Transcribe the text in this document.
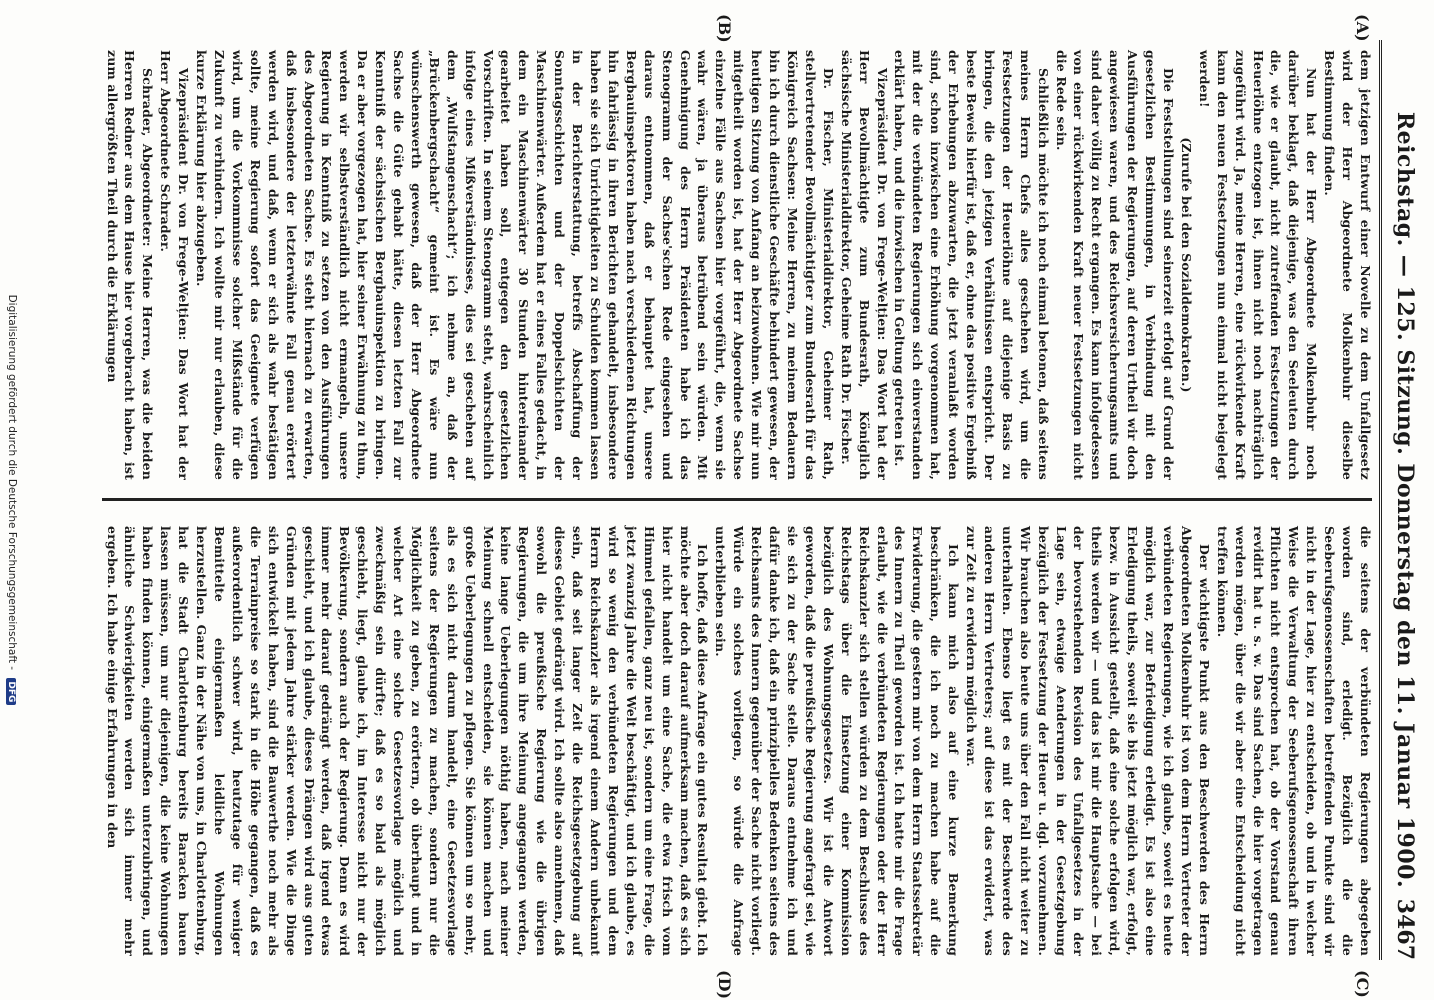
Reichstag. — 125. Sitzung. Donnerstag den 11. Januar 1900.
3467
(A)
(B)
(C)
(D)

dem jetzigen Entwurf einer Novelle zu dem Unfallgesetz wird der Herr Abgeordnete Molkenbuhr dieselbe Bestimmung finden.

Nun hat der Herr Abgeordnete Molkenbuhr noch darüber beklagt, daß diejenige, was den Seeleuten durch die, wie er glaubt, nicht zutreffenden Festsetzungen der Heuerlöhne entzogen ist, ihnen nicht noch nachträglich zugeführt wird. Ja, meine Herren, eine rückwirkende Kraft kann den neuen Festsetzungen nun einmal nicht beigelegt werden!

(Zurufe bei den Sozialdemokraten.)

Die Feststellungen sind seinerzeit erfolgt auf Grund der gesetzlichen Bestimmungen, in Verbindung mit den Ausführungen der Regierungen, auf deren Urtheil wir doch angewiesen waren, und des Reichsversicherungsamts und sind daher völlig zu Recht ergangen. Es kann infolgedessen von einer rückwirkenden Kraft neuer Festsetzungen nicht die Rede sein.

Schließlich möchte ich noch einmal betonen, daß seitens meines Herrn Chefs alles geschehen wird, um die Festsetzungen der Heuerlöhne auf diejenige Basis zu bringen, die den jetzigen Verhältnissen entspricht. Der beste Beweis hierfür ist, daß er, ohne das positive Ergebniß der Erhebungen abzuwarten, die jetzt veranlaßt worden sind, schon inzwischen eine Erhöhung vorgenommen hat, mit der die verbündeten Regierungen sich einverstanden erklärt haben, und die inzwischen in Geltung getreten ist.

Vizepräsident Dr. von Frege-Welțien: Das Wort hat der Herr Bevollmächtigte zum Bundesrath, Königlich sächsische Ministerialdirektor, Geheime Rath Dr. Fischer.

Dr. Fischer, Ministerialdirektor, Geheimer Rath, stellvertretender Bevollmächtigter zum Bundesrath für das Königreich Sachsen: Meine Herren, zu meinem Bedauern bin ich durch dienstliche Geschäfte behindert gewesen, der heutigen Sitzung von Anfang an beizuwohnen. Wie mir nun mitgetheilt worden ist, hat der Herr Abgeordnete Sachse einzelne Fälle aus Sachsen hier vorgeführt, die, wenn sie wahr wären, ja überaus betrübend sein würden. Mit Genehmigung des Herrn Präsidenten habe ich das Stenogramm der Sachse'schen Rede eingesehen und daraus entnommen, daß er behauptet hat, unsere Bergbauinspektoren haben nach verschiedenen Richtungen hin fahrlässig in ihren Berichten gehandelt, insbesondere haben sie sich Unrichtigkeiten zu Schulden kommen lassen in der Berichterstattung, betreffs Abschaffung der Sonntagsschichten und der Doppelschichten der Maschinenwärter. Außerdem hat er eines Falles gedacht, in dem ein Maschinenwärter 30 Stunden hintereinander gearbeitet haben soll, entgegen den gesetzlichen Vorschriften. In seinem Stenogramm steht, wahrscheinlich infolge eines Mißverständnisses, dies sei geschehen auf dem „Wulfstangenschacht“; ich nehme an, daß der „Brückenbergschacht“ gemeint ist. Es wäre nun wünschenswerth gewesen, daß der Herr Abgeordnete Sachse die Güte gehabt hätte, diesen letzten Fall zur Kenntniß der sächsischen Bergbauinspektion zu bringen. Da er aber vorgezogen hat, hier seiner Erwähnung zu thun, werden wir selbstverständlich nicht ermangeln, unsere Regierung in Kenntniß zu setzen von den Ausführungen des Abgeordneten Sachse. Es steht hiernach zu erwarten, daß insbesondere der letzterwähnte Fall genau erörtert werden wird, und daß, wenn er sich als wahr bestätigen sollte, meine Regierung sofort das Geeignete verfügen wird, um die Vorkommnisse solcher Mißstände für die Zukunft zu verhindern. Ich wollte mir nur erlauben, diese kurze Erklärung hier abzugeben.

Vizepräsident Dr. von Frege-Welțien: Das Wort hat der Herr Abgeordnete Schrader.

Schrader, Abgeordneter: Meine Herren, was die beiden Herren Redner aus dem Hause hier vorgebracht haben, ist zum allergrößten Theil durch die Erklärungen

die seitens der verbündeten Regierungen abgegeben worden sind, erledigt. Bezüglich die die Seeberufsgenossenschaften betreffenden Punkte sind wir nicht in der Lage, hier zu entscheiden, ob und in welcher Weise die Verwaltung der Seeberufsgenossenschaft ihren Pflichten nicht entsprochen hat, ob der Vorstand genau revidirt hat u. s. w. Das sind Sachen, die hier vorgetragen werden mögen, über die wir aber eine Entscheidung nicht treffen können.

Der wichtigste Punkt aus den Beschwerden des Herrn Abgeordneten Molkenbuhr ist von dem Herrn Vertreter der verbündeten Regierungen, wie ich glaube, soweit es heute möglich war, zur Befriedigung erledigt. Es ist also eine Erledigung theils, soweit sie bis jetzt möglich war, erfolgt, bezw. in Aussicht gestellt, daß eine solche erfolgen wird, theils werden wir — und das ist mir die Hauptsache — bei der bevorstehenden Revision des Unfallgesetzes in der Lage sein, etwaige Aenderungen in der Gesetzgebung bezüglich der Festsetzung der Heuer u. dgl. vorzunehmen. Wir brauchen also heute uns über den Fall nicht weiter zu unterhalten. Ebenso liegt es mit der Beschwerde des anderen Herrn Vertreters; auf diese ist das erwidert, was zur Zeit zu erwidern möglich war.

Ich kann mich also auf eine kurze Bemerkung beschränken, die ich noch zu machen habe auf die Erwiderung, die gestern mir von dem Herrn Staatssekretär des Innern zu Theil geworden ist. Ich hatte mir die Frage erlaubt, wie die verbündeten Regierungen oder der Herr Reichskanzler sich stellen würden zu dem Beschlusse des Reichstags über die Einsetzung einer Kommission bezüglich des Wohnungsgesetzes. Wir ist die Antwort geworden, daß die preußische Regierung angefragt sei, wie sie sich zu der Sache stelle. Daraus entnehme ich und dafür danke ich, daß ein prinzipielles Bedenken seitens des Reichsamts des Innern gegenüber der Sache nicht vorliegt. Würde ein solches vorliegen, so würde die Anfrage unterblieben sein.

Ich hoffe, daß diese Anfrage ein gutes Resultat giebt. Ich möchte aber doch darauf aufmerksam machen, daß es sich hier nicht handelt um eine Sache, die etwa frisch vom Himmel gefallen, ganz neu ist, sondern um eine Frage, die jetzt zwanzig Jahre die Welt beschäftigt, und ich glaube, es wird so wenig den verbündeten Regierungen und dem Herrn Reichskanzler als irgend einem Andern unbekannt sein, daß seit langer Zeit die Reichsgesetzgebung auf dieses Gebiet gedrängt wird. Ich sollte also annehmen, daß sowohl die preußische Regierung wie die übrigen Regierungen, die um ihre Meinung angegangen werden, keine lange Ueberlegungen nöthig haben, nach meiner Meinung schnell entscheiden, sie können machen und große Ueberlegungen zu pflegen. Sie können um so mehr, als es sich nicht darum handelt, eine Gesetzesvorlage seitens der Regierungen zu machen, sondern nur die Möglichkeit zu geben, zu erörtern, ob überhaupt und in welcher Art eine solche Gesetzesvorlage möglich und zweckmäßig sein dürfte; daß es so bald als möglich geschieht, liegt, glaube ich, im Interesse nicht nur der Bevölkerung, sondern auch der Regierung. Denn es wird immer mehr darauf gedrängt werden, daß irgend etwas geschieht, und ich glaube, dieses Drängen wird aus guten Gründen mit jedem Jahre stärker werden. Wie die Dinge sich entwickelt haben, sind die Bauwerthe noch mehr als die Terrainpreise so stark in die Höhe gegangen, daß es außerordentlich schwer wird, heutzutage für weniger Bemittelte einigermaßen leidliche Wohnungen herzustellen. Ganz in der Nähe von uns, in Charlottenburg, hat die Stadt Charlottenburg bereits Baracken bauen lassen müssen, um nur diejenigen, die keine Wohnungen haben finden können, einigermaßen unterzubringen, und ähnliche Schwierigkeiten werden sich immer mehr ergeben. Ich habe einige Erfahrungen in den

Digitalisierung gefördert durch die Deutsche Forschungsgemeinschaft - DFG
